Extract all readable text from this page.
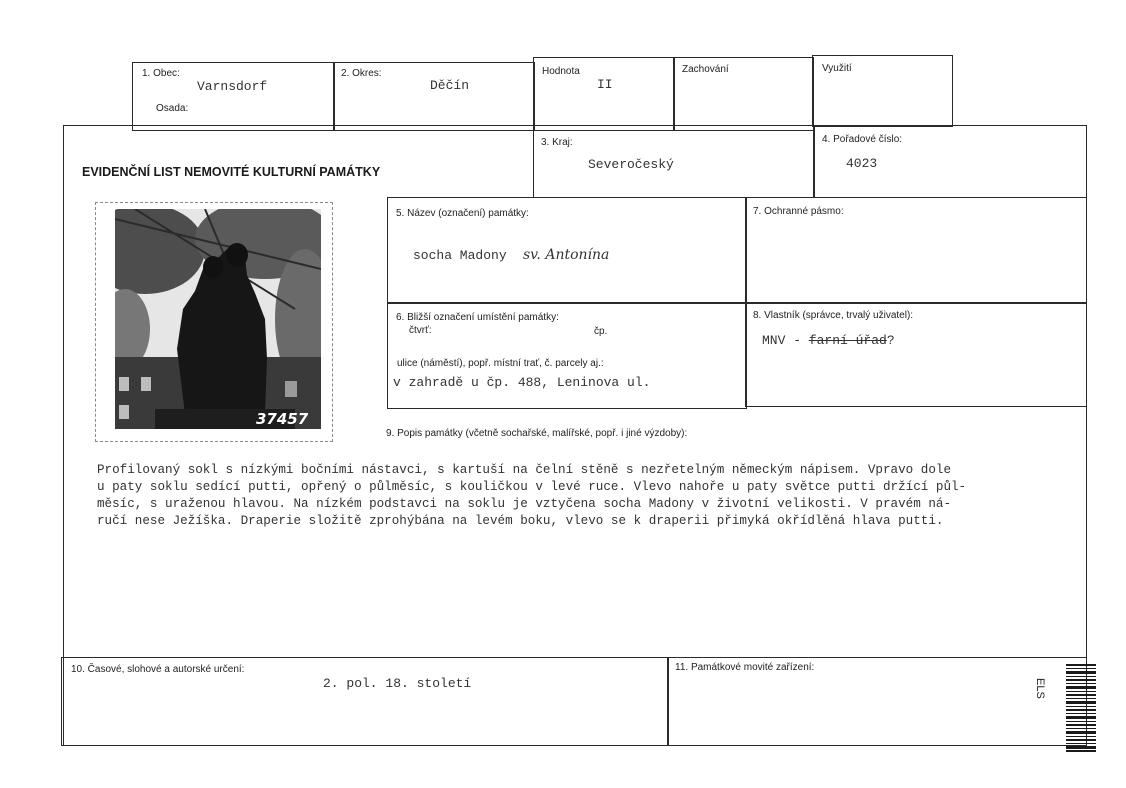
1. Obec:
Varnsdorf
Osada:
2. Okres:
Děčín
Hodnota
II
Zachování	Využití
EVIDENČNÍ LIST NEMOVITÉ KULTURNÍ PAMÁTKY
3. Kraj:
Severočeský
4. Pořadové číslo:
4023
37457
5. Název (označení) památky:
socha Madony sv. Antonína
7. Ochranné pásmo:
6. Bližší označení umístění památky:
čtvrť:	čp.
ulice (náměstí), popř. místní trať, č. parcely aj.:
v zahradě u čp. 488, Leninova ul.
8. Vlastník (správce, trvalý uživatel):
MNV - farní úřad?
9. Popis památky (včetně sochařské, malířské, popř. i jiné výzdoby):
Profilovaný sokl s nízkými bočními nástavci, s kartuší na čelní stěně s nezřetelným německým nápisem. Vpravo dole
u paty soklu sedící putti, opřený o půlměsíc, s kouličkou v levé ruce. Vlevo nahoře u paty světce putti držící půl-
měsíc, s uraženou hlavou. Na nízkém podstavci na soklu je vztyčena socha Madony v životní velikosti. V pravém ná-
ručí nese Ježíška. Draperie složitě zprohýbána na levém boku, vlevo se k draperii přimyká okřídlěná hlava putti.
10. Časové, slohové a autorské určení:
2. pol. 18. století
11. Památkové movité zařízení:
ELS
